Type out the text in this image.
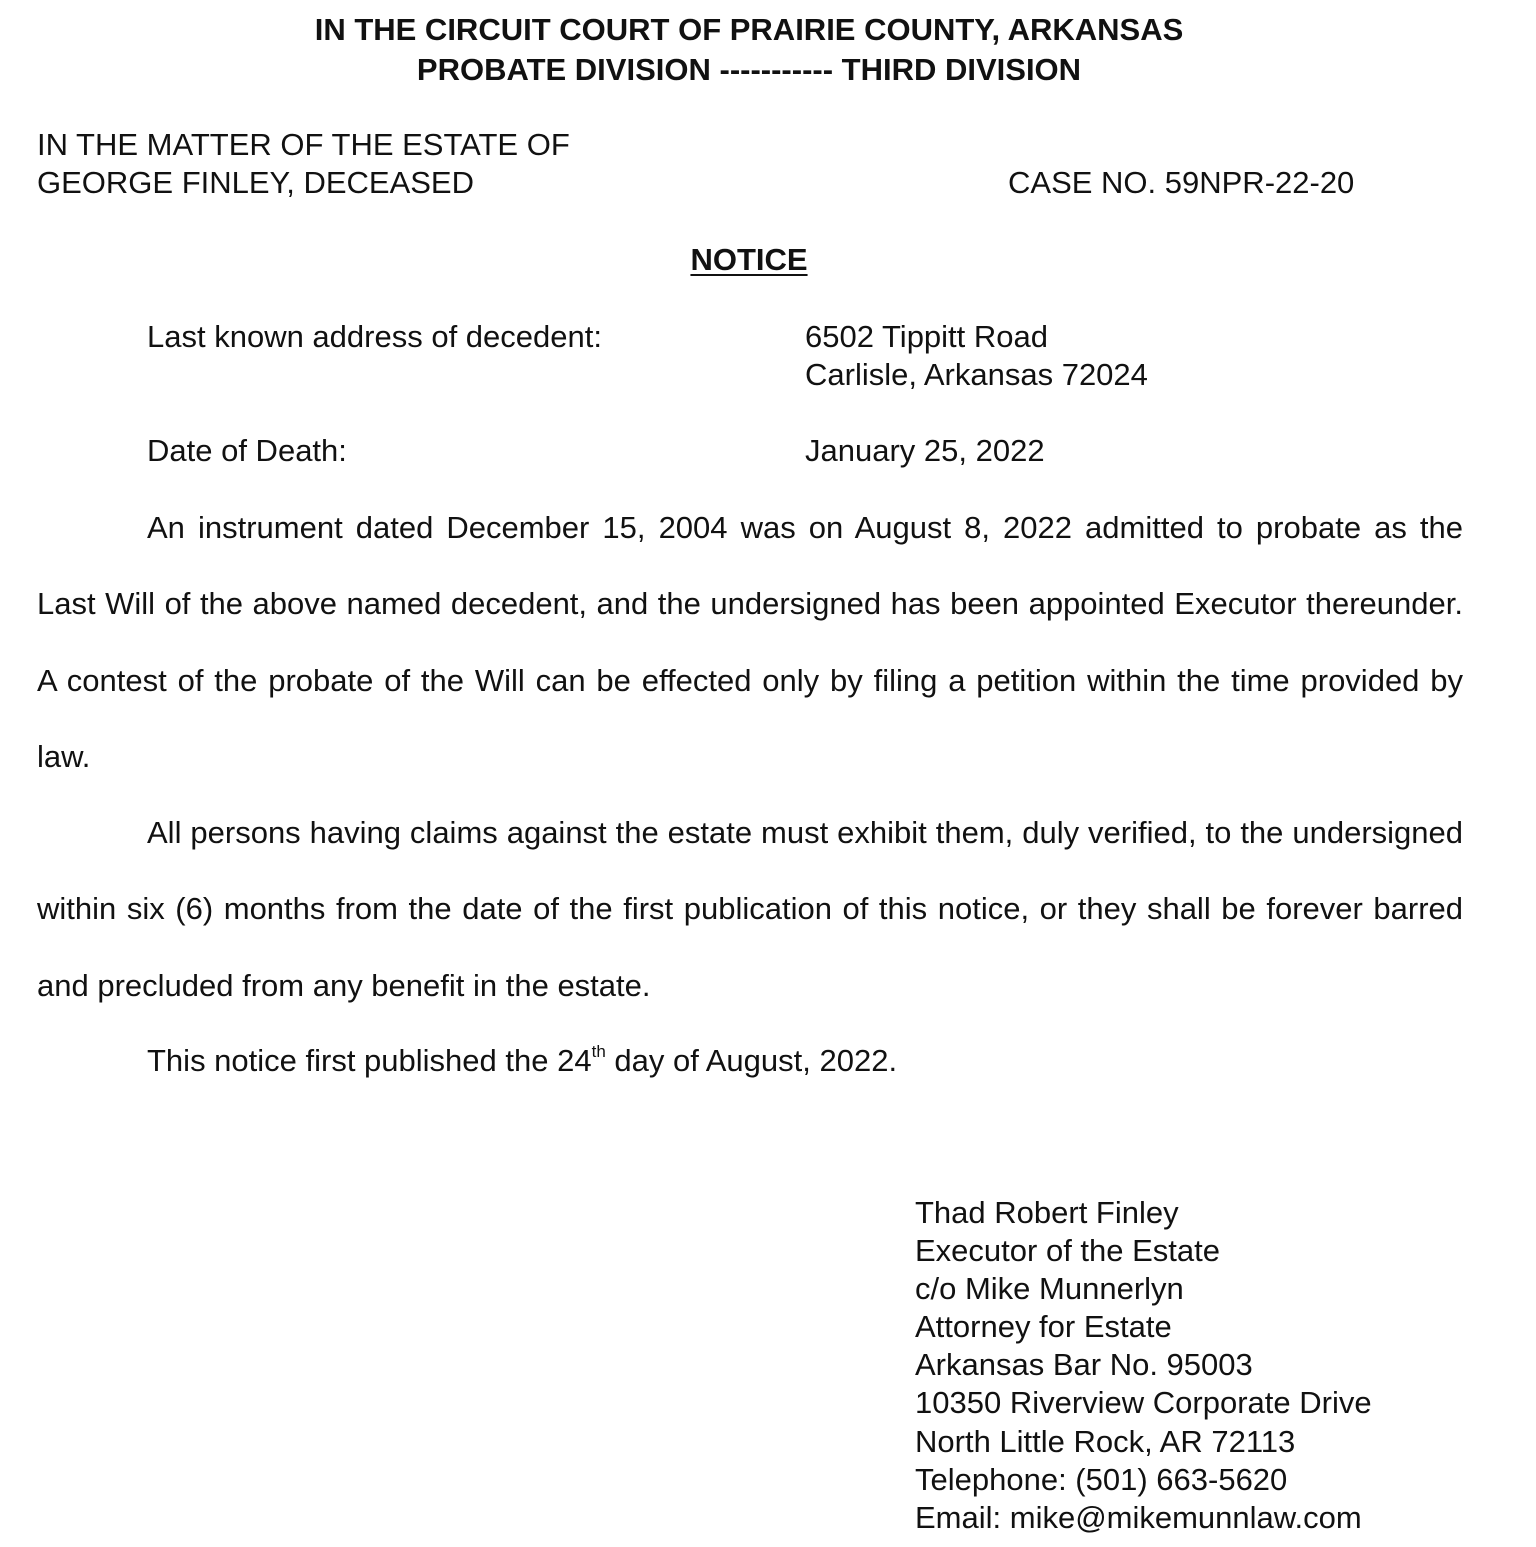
IN THE CIRCUIT COURT OF PRAIRIE COUNTY, ARKANSAS
PROBATE DIVISION ----------- THIRD DIVISION
IN THE MATTER OF THE ESTATE OF
GEORGE FINLEY, DECEASED	CASE NO. 59NPR-22-20
NOTICE
Last known address of decedent:	6502 Tippitt Road
Carlisle, Arkansas 72024
Date of Death:	January 25, 2022
An instrument dated December 15, 2004 was on August 8, 2022 admitted to probate as the Last Will of the above named decedent, and the undersigned has been appointed Executor thereunder. A contest of the probate of the Will can be effected only by filing a petition within the time provided by law.
All persons having claims against the estate must exhibit them, duly verified, to the undersigned within six (6) months from the date of the first publication of this notice, or they shall be forever barred and precluded from any benefit in the estate.
This notice first published the 24th day of August, 2022.
Thad Robert Finley
Executor of the Estate
c/o Mike Munnerlyn
Attorney for Estate
Arkansas Bar No. 95003
10350 Riverview Corporate Drive
North Little Rock, AR 72113
Telephone: (501) 663-5620
Email: mike@mikemunnlaw.com
